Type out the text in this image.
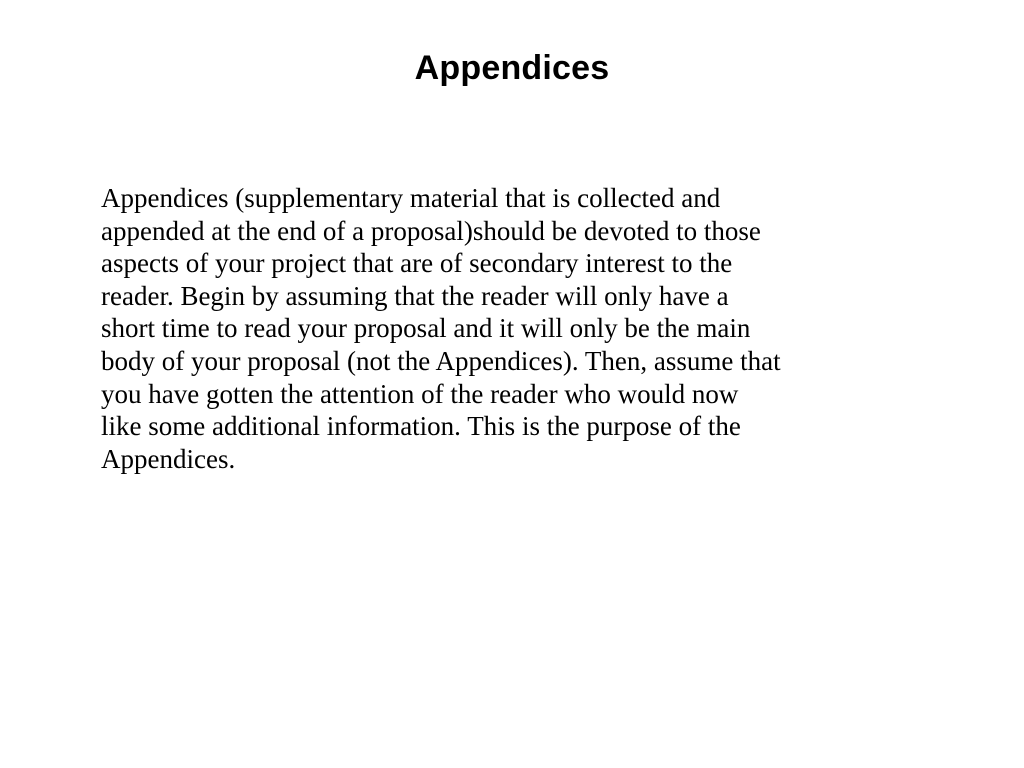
Appendices
Appendices (supplementary material that is collected and
appended at the end of a proposal)should be devoted to those
aspects of your project that are of secondary interest to the
reader. Begin by assuming that the reader will only have a
short time to read your proposal and it will only be the main
body of your proposal (not the Appendices). Then, assume that
you have gotten the attention of the reader who would now
like some additional information. This is the purpose of the
Appendices.
